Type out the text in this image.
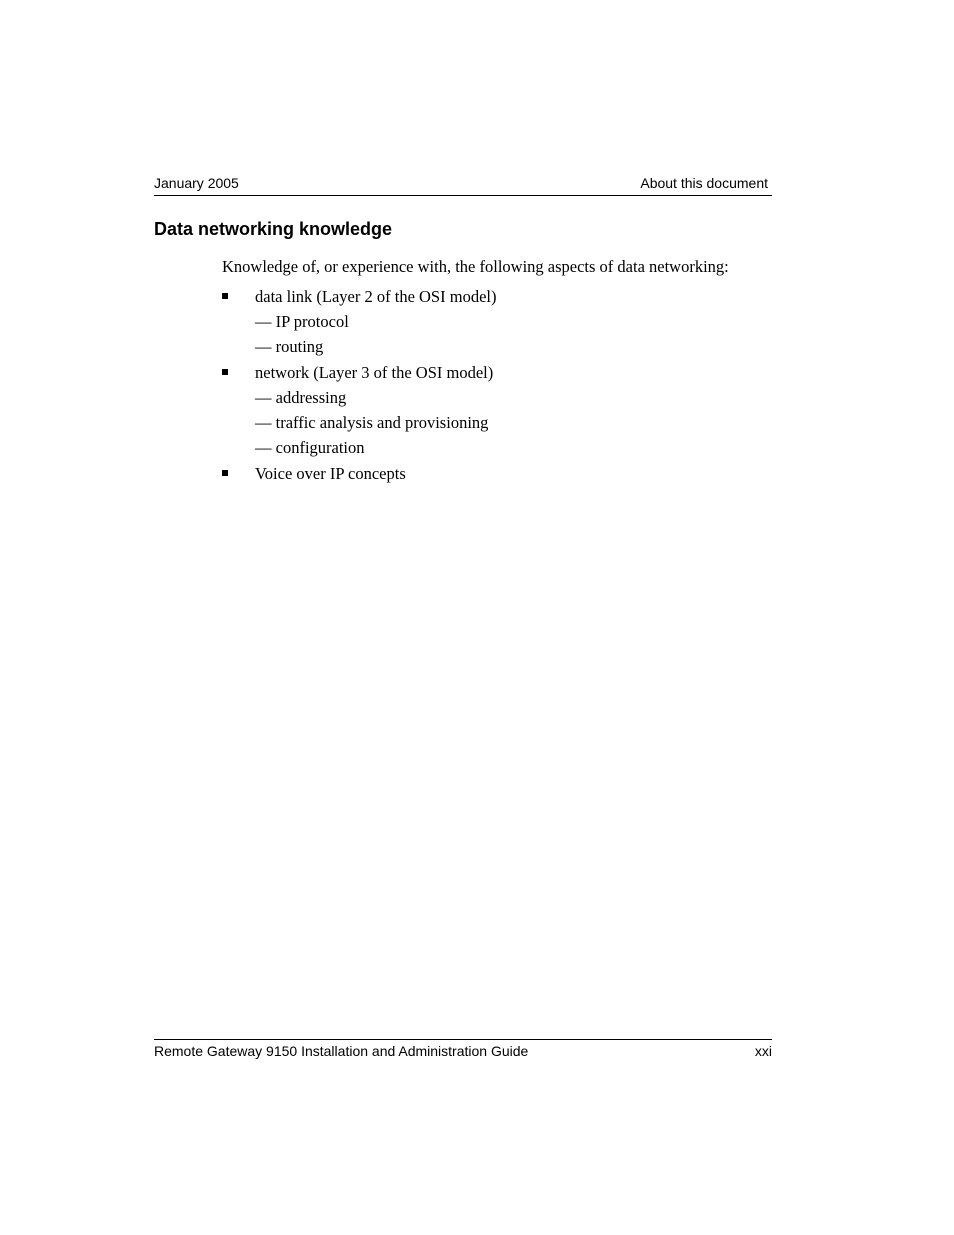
January 2005	About this document
Data networking knowledge

Knowledge of, or experience with, the following aspects of data networking:

data link (Layer 2 of the OSI model)
— IP protocol
— routing
network (Layer 3 of the OSI model)
— addressing
— traffic analysis and provisioning
— configuration
Voice over IP concepts
Remote Gateway 9150 Installation and Administration Guide	xxi
